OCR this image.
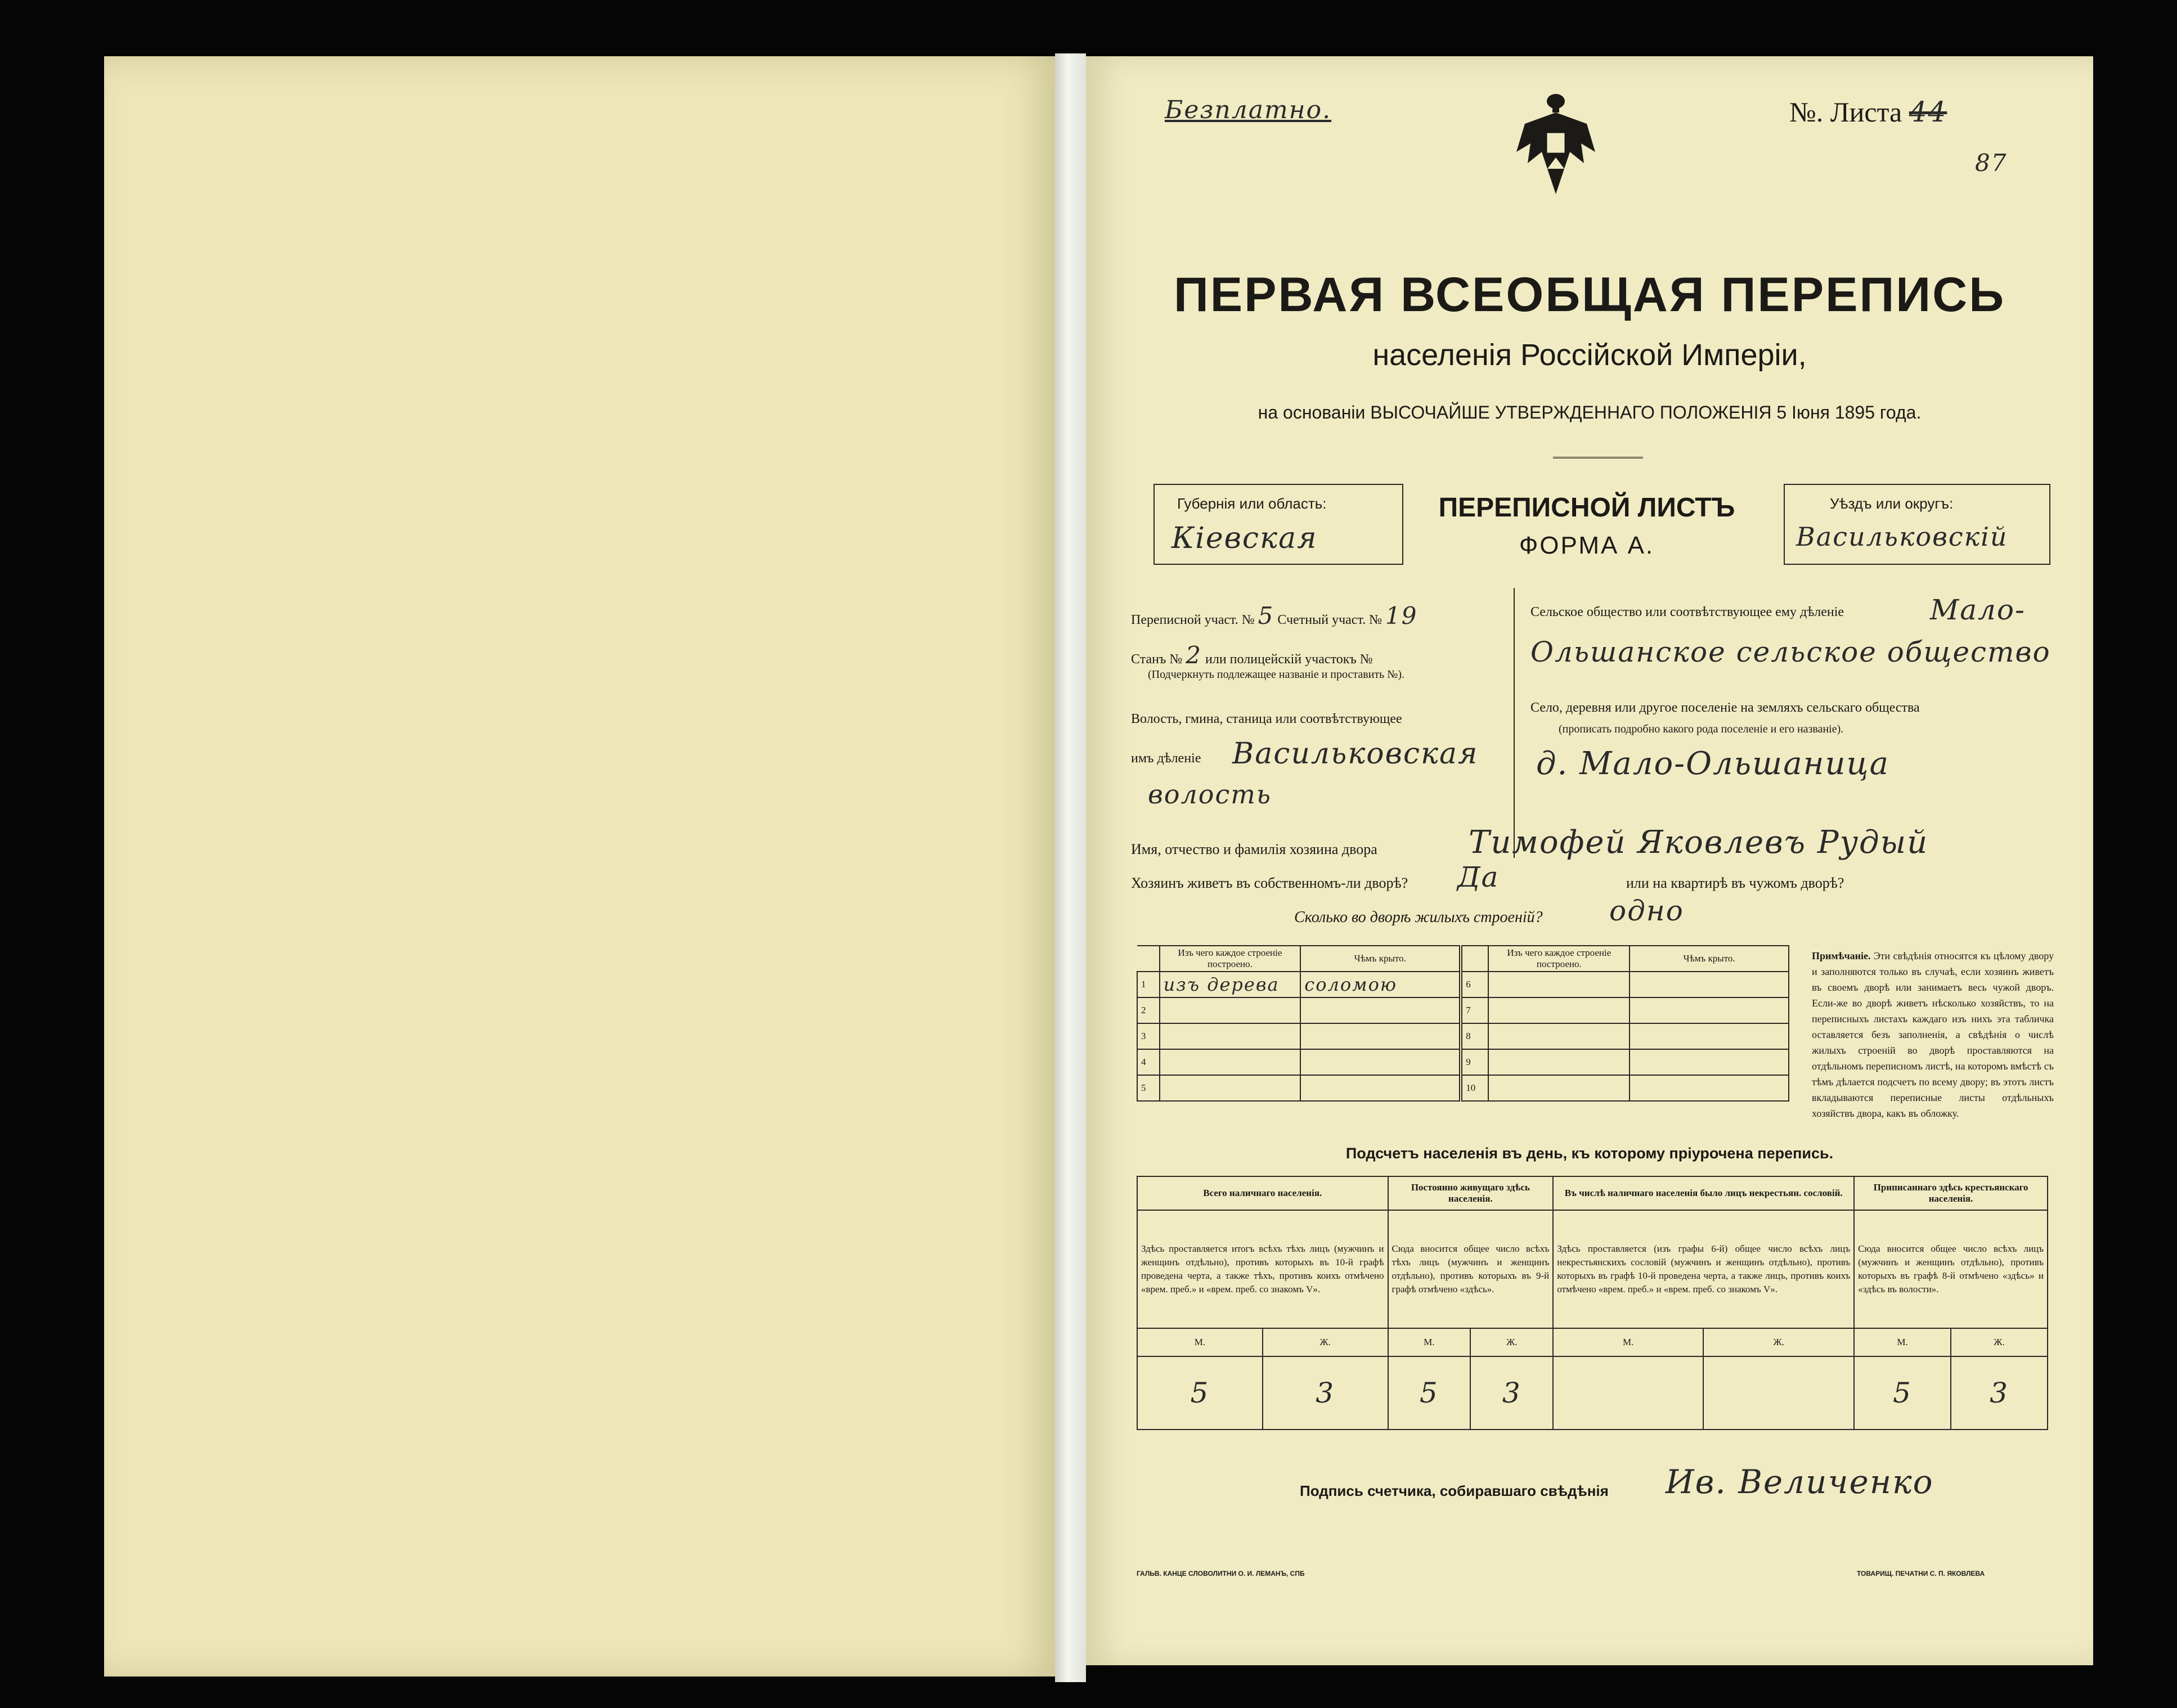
Безплатно.	№. Листа 44
87
ПЕРВАЯ ВСЕОБЩАЯ ПЕРЕПИСЬ
населенія Россійской Имперіи,
на основаніи ВЫСОЧАЙШЕ УТВЕРЖДЕННАГО ПОЛОЖЕНІЯ 5 Іюня 1895 года.
Губернія или область:
Кіевская
ПЕРЕПИСНОЙ ЛИСТЪ
ФОРМА А.
Уѣздъ или округъ:
Васильковскій
Переписной участ. № 5 Счетный участ. № 19
Станъ № 2 или полицейскій участокъ №
(Подчеркнуть подлежащее названіе и проставить №).
Волость, гмина, станица или соотвѣтствующее
имъ дѣленіе Васильковская
волость
Сельское общество или соотвѣтствующее ему дѣленіе	Мало-
Ольшанское сельское общество
Село, деревня или другое поселеніе на земляхъ сельскаго общества
(прописать подробно какого рода поселеніе и его названіе).
д. Мало-Ольшаница
Имя, отчество и фамилія хозяина двора	Тимофей Яковлевъ Рудый
Хозяинъ живетъ въ собственномъ-ли дворѣ? Да	или на квартирѣ въ чужомъ дворѣ?
Сколько во дворѣ жилыхъ строеній? одно
	Изъ чего каждое строеніе построено.	Чѣмъ крыто.		Изъ чего каждое строеніе построено.	Чѣмъ крыто.
1	изъ дерева	соломою	6		
2			7		
3			8		
4			9		
5			10		
Примѣчаніе. Эти свѣдѣнія относятся къ цѣлому двору и заполняются только въ случаѣ, если хозяинъ живетъ въ своемъ дворѣ или занимаетъ весь чужой дворъ. Если-же во дворѣ живетъ нѣсколько хозяйствъ, то на переписныхъ листахъ каждаго изъ нихъ эта табличка оставляется безъ заполненія, а свѣдѣнія о числѣ жилыхъ строеній во дворѣ проставляются на отдѣльномъ переписномъ листѣ, на которомъ вмѣстѣ съ тѣмъ дѣлается подсчетъ по всему двору; въ этотъ листъ вкладываются переписные листы отдѣльныхъ хозяйствъ двора, какъ въ обложку.
Подсчетъ населенія въ день, къ которому пріурочена перепись.
Всего наличнаго населенія.		Постоянно живущаго здѣсь населенія.		Въ числѣ наличнаго населенія было лицъ некрестьян. сословій.		Приписаннаго здѣсь крестьянскаго населенія.	
Здѣсь проставляется итогъ всѣхъ тѣхъ лицъ (мужчинъ и женщинъ отдѣльно), противъ которыхъ въ 10-й графѣ проведена черта, а также тѣхъ, противъ коихъ отмѣчено «врем. преб.» и «врем. преб. со знакомъ V».		Сюда вносится общее число всѣхъ тѣхъ лицъ (мужчинъ и женщинъ отдѣльно), противъ которыхъ въ 9-й графѣ отмѣчено «здѣсь».		Здѣсь проставляется (изъ графы 6-й) общее число всѣхъ лицъ некрестьянскихъ сословій (мужчинъ и женщинъ отдѣльно), противъ которыхъ въ графѣ 10-й проведена черта, а также лицъ, противъ коихъ отмѣчено «врем. преб.» и «врем. преб. со знакомъ V».		Сюда вносится общее число всѣхъ лицъ (мужчинъ и женщинъ отдѣльно), противъ которыхъ въ графѣ 8-й отмѣчено «здѣсь» и «здѣсь въ волости».	
М.	Ж.	М.	Ж.	М.	Ж.	М.	Ж.
5	3	5	3			5	3
Подпись счетчика, собиравшаго свѣдѣнія Ив. Величенко
ГАЛЬВ. КАНЦЕ СЛОВОЛИТНИ О. И. ЛЕМАНЪ, СПБ	ТОВАРИЩ. ПЕЧАТНИ С. П. ЯКОВЛЕВА
